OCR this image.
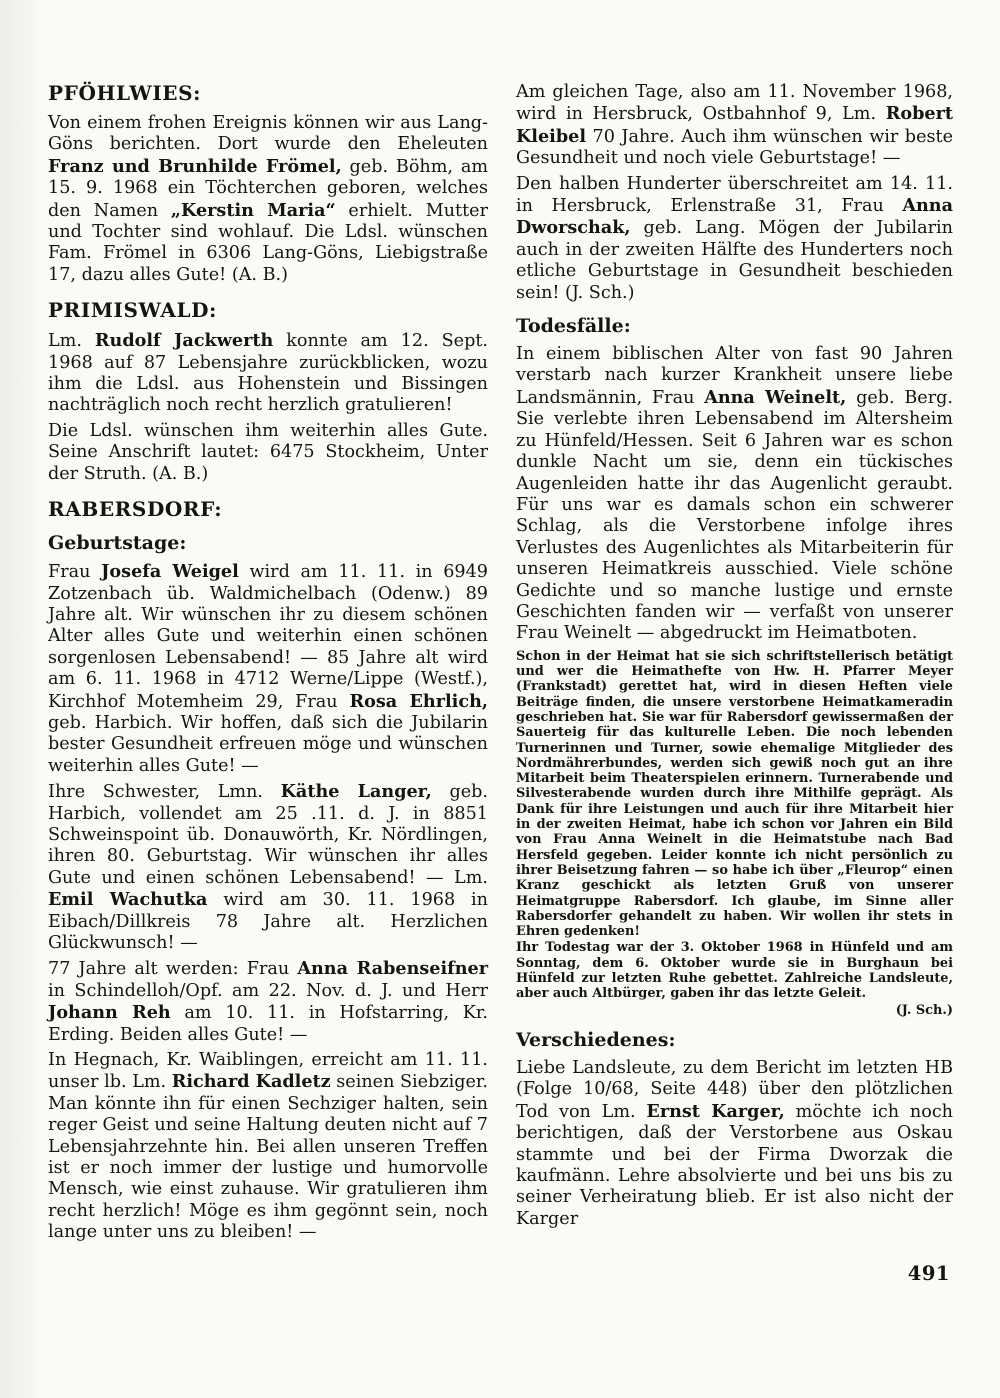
PFÖHLWIES:

Von einem frohen Ereignis können wir aus Lang-Göns berichten. Dort wurde den Eheleuten Franz und Brunhilde Frömel, geb. Böhm, am 15. 9. 1968 ein Töchterchen geboren, welches den Namen „Kerstin Maria“ erhielt. Mutter und Tochter sind wohlauf. Die Ldsl. wünschen Fam. Frömel in 6306 Lang-Göns, Liebigstraße 17, dazu alles Gute! (A. B.)

PRIMISWALD:

Lm. Rudolf Jackwerth konnte am 12. Sept. 1968 auf 87 Lebensjahre zurückblicken, wozu ihm die Ldsl. aus Hohenstein und Bissingen nachträglich noch recht herzlich gratulieren!

Die Ldsl. wünschen ihm weiterhin alles Gute. Seine Anschrift lautet: 6475 Stockheim, Unter der Struth. (A. B.)

RABERSDORF:
Geburtstage:

Frau Josefa Weigel wird am 11. 11. in 6949 Zotzenbach üb. Waldmichelbach (Odenw.) 89 Jahre alt. Wir wünschen ihr zu diesem schönen Alter alles Gute und weiterhin einen schönen sorgenlosen Lebensabend! — 85 Jahre alt wird am 6. 11. 1968 in 4712 Werne/Lippe (Westf.), Kirchhof Motemheim 29, Frau Rosa Ehrlich, geb. Harbich. Wir hoffen, daß sich die Jubilarin bester Gesundheit erfreuen möge und wünschen weiterhin alles Gute! —

Ihre Schwester, Lmn. Käthe Langer, geb. Harbich, vollendet am 25 .11. d. J. in 8851 Schweinspoint üb. Donauwörth, Kr. Nördlingen, ihren 80. Geburtstag. Wir wünschen ihr alles Gute und einen schönen Lebensabend! — Lm. Emil Wachutka wird am 30. 11. 1968 in Eibach/Dillkreis 78 Jahre alt. Herzlichen Glückwunsch! —

77 Jahre alt werden: Frau Anna Rabenseifner in Schindelloh/Opf. am 22. Nov. d. J. und Herr Johann Reh am 10. 11. in Hofstarring, Kr. Erding. Beiden alles Gute! —

In Hegnach, Kr. Waiblingen, erreicht am 11. 11. unser lb. Lm. Richard Kadletz seinen Siebziger. Man könnte ihn für einen Sechziger halten, sein reger Geist und seine Haltung deuten nicht auf 7 Lebensjahrzehnte hin. Bei allen unseren Treffen ist er noch immer der lustige und humorvolle Mensch, wie einst zuhause. Wir gratulieren ihm recht herzlich! Möge es ihm gegönnt sein, noch lange unter uns zu bleiben! —

Am gleichen Tage, also am 11. November 1968, wird in Hersbruck, Ostbahnhof 9, Lm. Robert Kleibel 70 Jahre. Auch ihm wünschen wir beste Gesundheit und noch viele Geburtstage! —

Den halben Hunderter überschreitet am 14. 11. in Hersbruck, Erlenstraße 31, Frau Anna Dworschak, geb. Lang. Mögen der Jubilarin auch in der zweiten Hälfte des Hunderters noch etliche Geburtstage in Gesundheit beschieden sein! (J. Sch.)

Todesfälle:

In einem biblischen Alter von fast 90 Jahren verstarb nach kurzer Krankheit unsere liebe Landsmännin, Frau Anna Weinelt, geb. Berg. Sie verlebte ihren Lebensabend im Altersheim zu Hünfeld/Hessen. Seit 6 Jahren war es schon dunkle Nacht um sie, denn ein tückisches Augenleiden hatte ihr das Augenlicht geraubt. Für uns war es damals schon ein schwerer Schlag, als die Verstorbene infolge ihres Verlustes des Augenlichtes als Mitarbeiterin für unseren Heimatkreis ausschied. Viele schöne Gedichte und so manche lustige und ernste Geschichten fanden wir — verfaßt von unserer Frau Weinelt — abgedruckt im Heimatboten.

Schon in der Heimat hat sie sich schriftstellerisch betätigt und wer die Heimathefte von Hw. H. Pfarrer Meyer (Frankstadt) gerettet hat, wird in diesen Heften viele Beiträge finden, die unsere verstorbene Heimatkameradin geschrieben hat. Sie war für Rabersdorf gewissermaßen der Sauerteig für das kulturelle Leben. Die noch lebenden Turnerinnen und Turner, sowie ehemalige Mitglieder des Nordmährerbundes, werden sich gewiß noch gut an ihre Mitarbeit beim Theaterspielen erinnern. Turnerabende und Silvesterabende wurden durch ihre Mithilfe geprägt. Als Dank für ihre Leistungen und auch für ihre Mitarbeit hier in der zweiten Heimat, habe ich schon vor Jahren ein Bild von Frau Anna Weinelt in die Heimatstube nach Bad Hersfeld gegeben. Leider konnte ich nicht persönlich zu ihrer Beisetzung fahren — so habe ich über „Fleurop“ einen Kranz geschickt als letzten Gruß von unserer Heimatgruppe Rabersdorf. Ich glaube, im Sinne aller Rabersdorfer gehandelt zu haben. Wir wollen ihr stets in Ehren gedenken!

Ihr Todestag war der 3. Oktober 1968 in Hünfeld und am Sonntag, dem 6. Oktober wurde sie in Burghaun bei Hünfeld zur letzten Ruhe gebettet. Zahlreiche Landsleute, aber auch Altbürger, gaben ihr das letzte Geleit.

(J. Sch.)

Verschiedenes:

Liebe Landsleute, zu dem Bericht im letzten HB (Folge 10/68, Seite 448) über den plötzlichen Tod von Lm. Ernst Karger, möchte ich noch berichtigen, daß der Verstorbene aus Oskau stammte und bei der Firma Dworzak die kaufmänn. Lehre absolvierte und bei uns bis zu seiner Verheiratung blieb. Er ist also nicht der Karger

491
